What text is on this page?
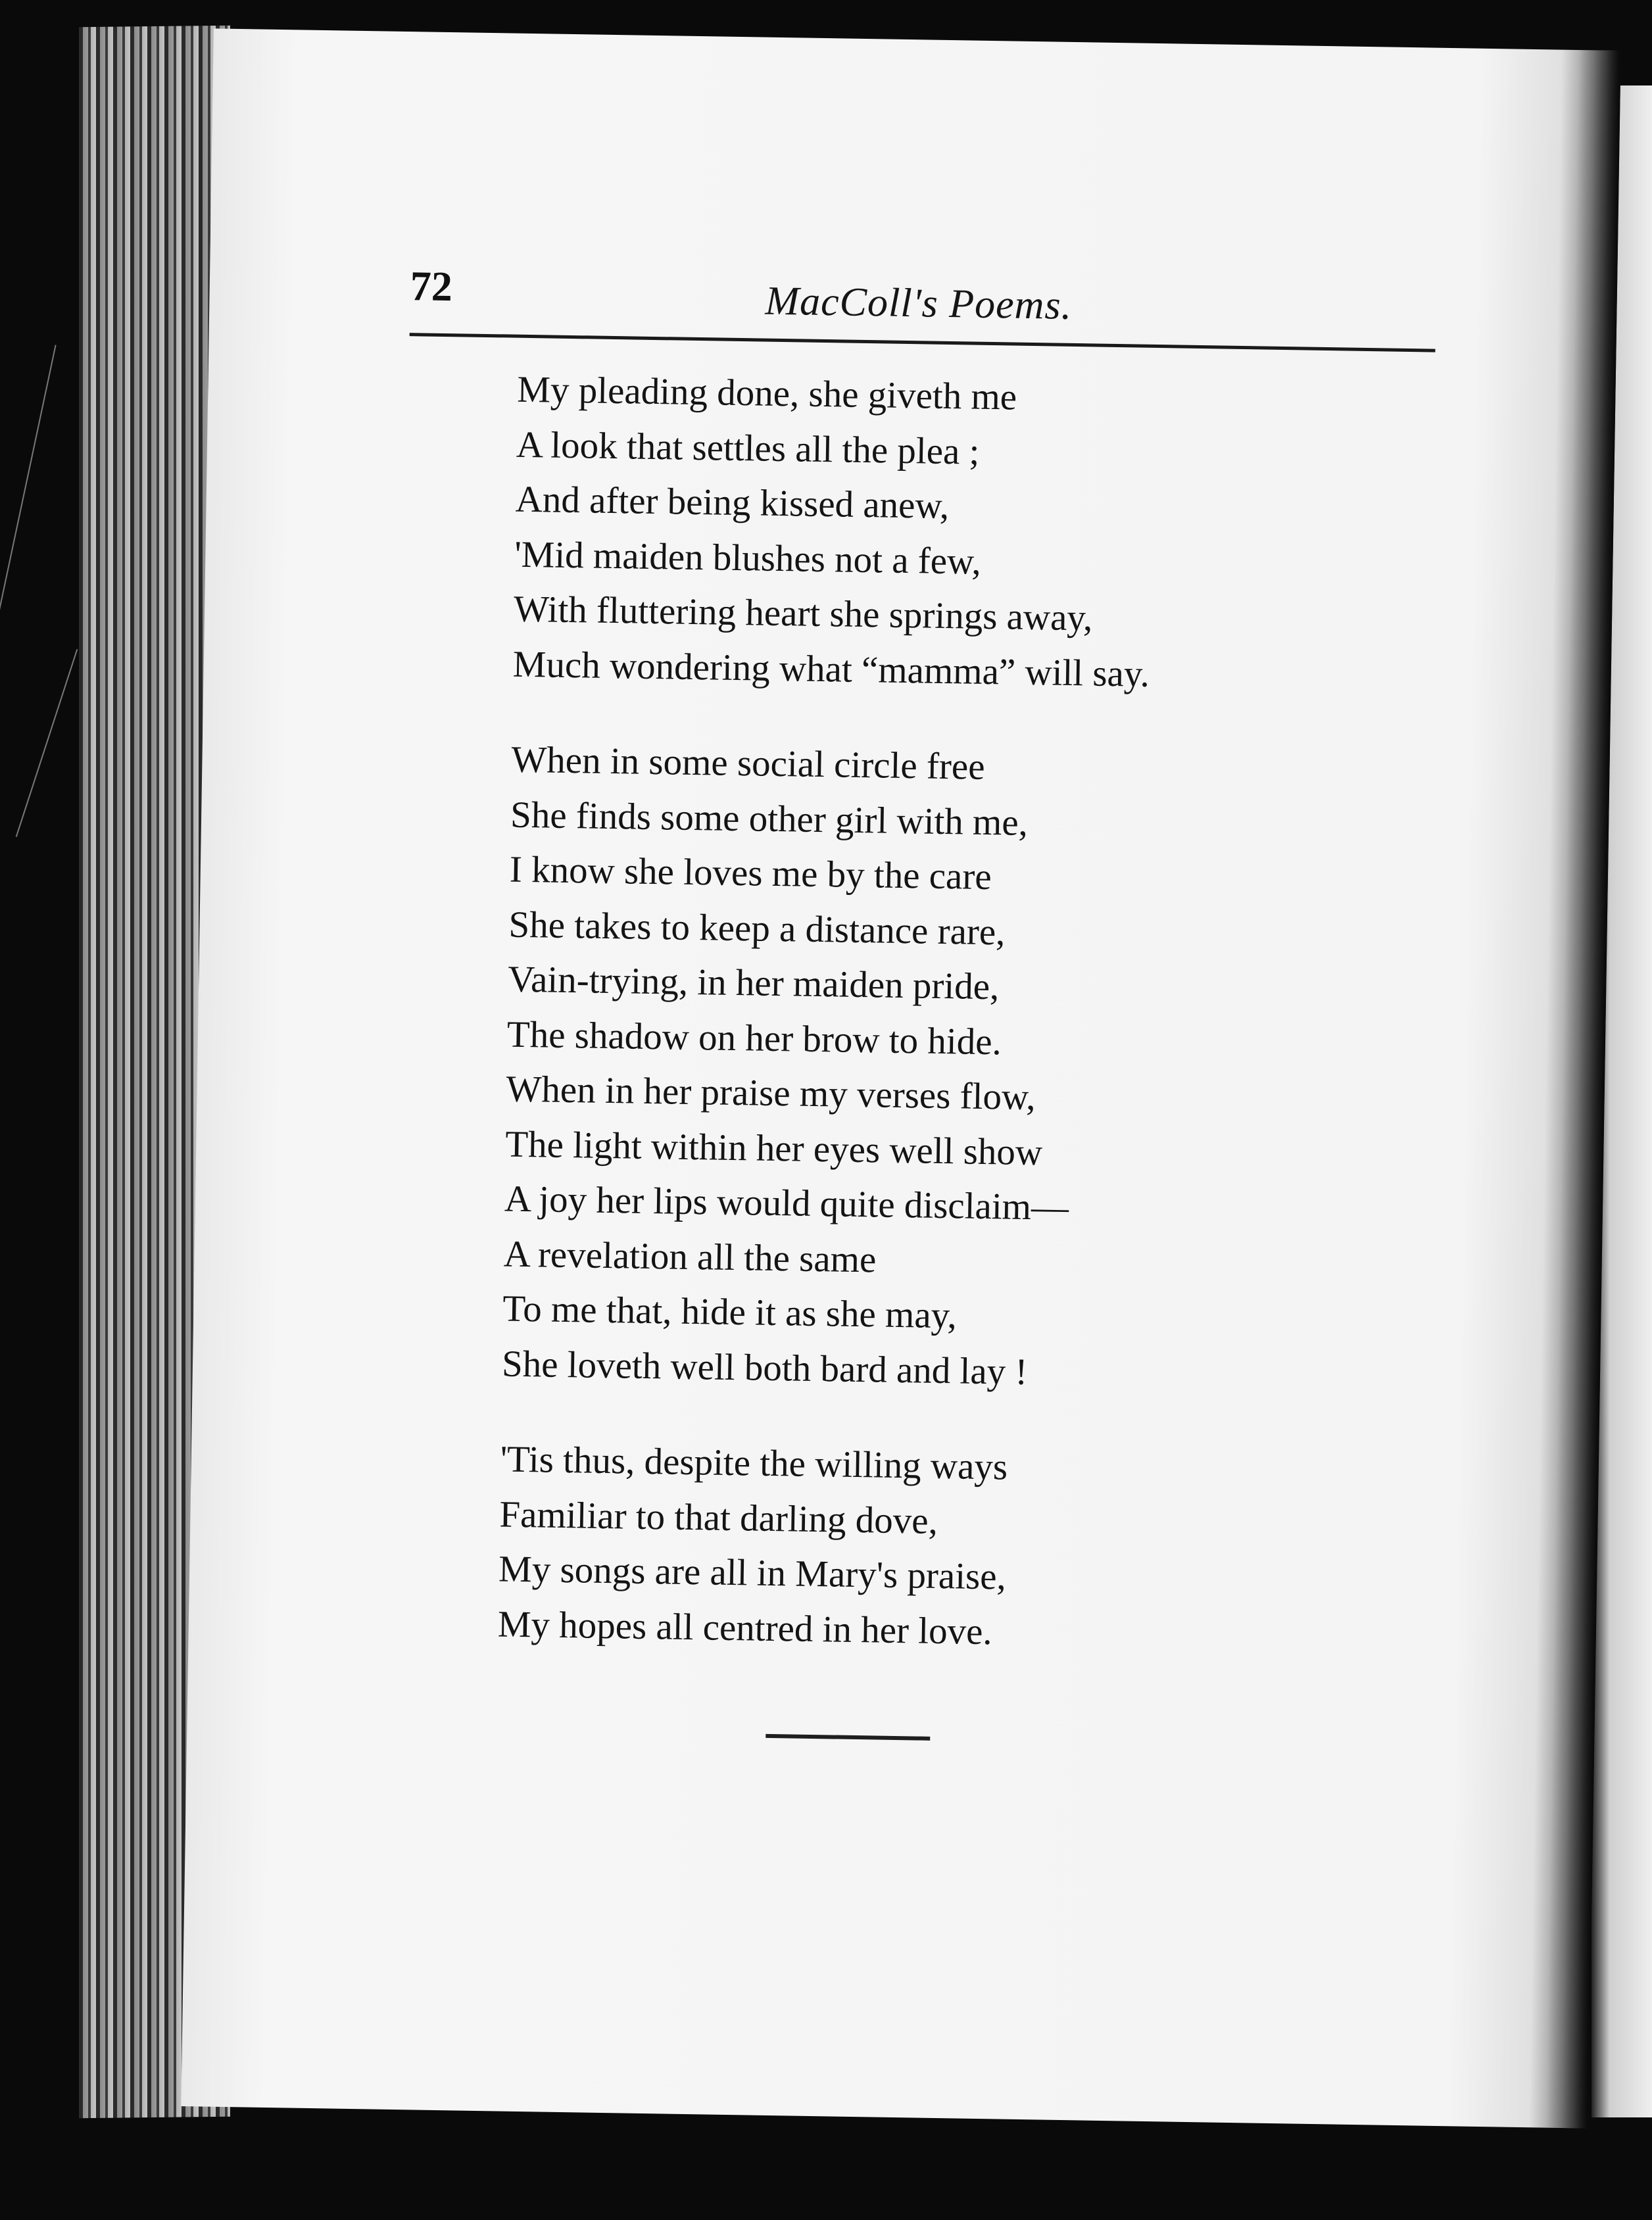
72	MacColl's Poems.
My pleading done, she giveth me
A look that settles all the plea ;
And after being kissed anew,
'Mid maiden blushes not a few,
With fluttering heart she springs away,
Much wondering what “mamma” will say.
When in some social circle free
She finds some other girl with me,
I know she loves me by the care
She takes to keep a distance rare,
Vain-trying, in her maiden pride,
The shadow on her brow to hide.
When in her praise my verses flow,
The light within her eyes well show
A joy her lips would quite disclaim—
A revelation all the same
To me that, hide it as she may,
She loveth well both bard and lay !
'Tis thus, despite the willing ways
Familiar to that darling dove,
My songs are all in Mary's praise,
My hopes all centred in her love.
